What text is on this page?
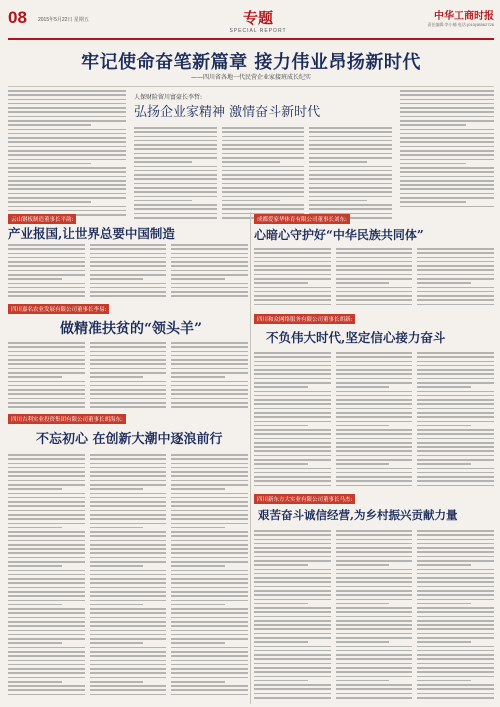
08 2015年5月22日 星期五	专题
SPECIAL REPORT
中华工商时报
责任编辑:李小楠 电话:(010)58562726
牢记使命奋笔新篇章 接力伟业昂扬新时代
——四川省各地一代民营企业家接班成长纪实
人保财险留川富豪长李哲:
弘扬企业家精神 激情奋斗新时代
云山钢板制造董事长平韵:
产业报国,让世界总要中国制造
成都爱家华体育有限公司董事长刘东:
心暗心守护好“中华民族共同体”
四川嘉名农业发展有限公司董事长李易:
做精准扶贫的“领头羊”
四川和众网络服务有限公司董事长胡新:
不负伟大时代,坚定信心接力奋斗
四川吉利实业投资集团有限公司董事长胡海东:
不忘初心 在创新大潮中逐浪前行
四川新东方大实业有限公司董事长马杰:
艰苦奋斗诚信经营,为乡村振兴贡献力量
